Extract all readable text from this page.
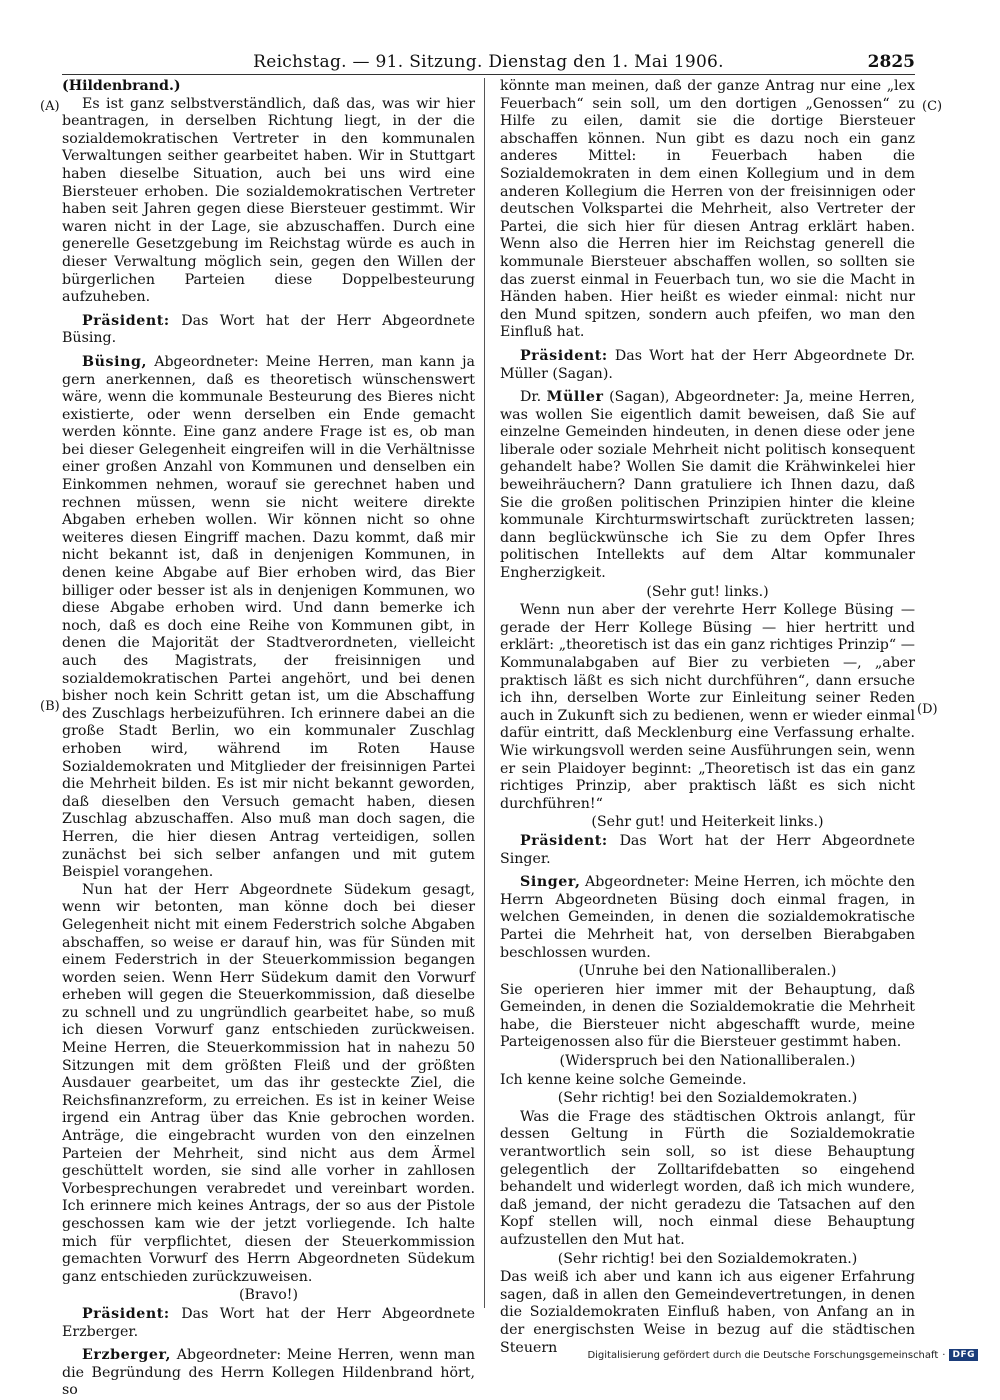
Reichstag. — 91. Sitzung. Dienstag den 1. Mai 1906.	2825
(A)
(B)
(C)
(D)

(Hildenbrand.)

Es ist ganz selbstverständlich, daß das, was wir hier beantragen, in derselben Richtung liegt, in der die sozialdemokratischen Vertreter in den kommunalen Verwaltungen seither gearbeitet haben. Wir in Stuttgart haben dieselbe Situation, auch bei uns wird eine Biersteuer erhoben. Die sozialdemokratischen Vertreter haben seit Jahren gegen diese Biersteuer gestimmt. Wir waren nicht in der Lage, sie abzuschaffen. Durch eine generelle Gesetzgebung im Reichstag würde es auch in dieser Verwaltung möglich sein, gegen den Willen der bürgerlichen Parteien diese Doppelbesteurung aufzuheben.

Präsident: Das Wort hat der Herr Abgeordnete Büsing.

Büsing, Abgeordneter: Meine Herren, man kann ja gern anerkennen, daß es theoretisch wünschenswert wäre, wenn die kommunale Besteurung des Bieres nicht existierte, oder wenn derselben ein Ende gemacht werden könnte. Eine ganz andere Frage ist es, ob man bei dieser Gelegenheit eingreifen will in die Verhältnisse einer großen Anzahl von Kommunen und denselben ein Einkommen nehmen, worauf sie gerechnet haben und rechnen müssen, wenn sie nicht weitere direkte Abgaben erheben wollen. Wir können nicht so ohne weiteres diesen Eingriff machen. Dazu kommt, daß mir nicht bekannt ist, daß in denjenigen Kommunen, in denen keine Abgabe auf Bier erhoben wird, das Bier billiger oder besser ist als in denjenigen Kommunen, wo diese Abgabe erhoben wird. Und dann bemerke ich noch, daß es doch eine Reihe von Kommunen gibt, in denen die Majorität der Stadtverordneten, vielleicht auch des Magistrats, der freisinnigen und sozialdemokratischen Partei angehört, und bei denen bisher noch kein Schritt getan ist, um die Abschaffung des Zuschlags herbeizuführen. Ich erinnere dabei an die große Stadt Berlin, wo ein kommunaler Zuschlag erhoben wird, während im Roten Hause Sozialdemokraten und Mitglieder der freisinnigen Partei die Mehrheit bilden. Es ist mir nicht bekannt geworden, daß dieselben den Versuch gemacht haben, diesen Zuschlag abzuschaffen. Also muß man doch sagen, die Herren, die hier diesen Antrag verteidigen, sollen zunächst bei sich selber anfangen und mit gutem Beispiel vorangehen.

Nun hat der Herr Abgeordnete Südekum gesagt, wenn wir betonten, man könne doch bei dieser Gelegenheit nicht mit einem Federstrich solche Abgaben abschaffen, so weise er darauf hin, was für Sünden mit einem Federstrich in der Steuerkommission begangen worden seien. Wenn Herr Südekum damit den Vorwurf erheben will gegen die Steuerkommission, daß dieselbe zu schnell und zu ungründlich gearbeitet habe, so muß ich diesen Vorwurf ganz entschieden zurückweisen. Meine Herren, die Steuerkommission hat in nahezu 50 Sitzungen mit dem größten Fleiß und der größten Ausdauer gearbeitet, um das ihr gesteckte Ziel, die Reichsfinanzreform, zu erreichen. Es ist in keiner Weise irgend ein Antrag über das Knie gebrochen worden. Anträge, die eingebracht wurden von den einzelnen Parteien der Mehrheit, sind nicht aus dem Ärmel geschüttelt worden, sie sind alle vorher in zahllosen Vorbesprechungen verabredet und vereinbart worden. Ich erinnere mich keines Antrags, der so aus der Pistole geschossen kam wie der jetzt vorliegende. Ich halte mich für verpflichtet, diesen der Steuerkommission gemachten Vorwurf des Herrn Abgeordneten Südekum ganz entschieden zurückzuweisen.

(Bravo!)

Präsident: Das Wort hat der Herr Abgeordnete Erzberger.

Erzberger, Abgeordneter: Meine Herren, wenn man die Begründung des Herrn Kollegen Hildenbrand hört, so

könnte man meinen, daß der ganze Antrag nur eine „lex Feuerbach“ sein soll, um den dortigen „Genossen“ zu Hilfe zu eilen, damit sie die dortige Biersteuer abschaffen können. Nun gibt es dazu noch ein ganz anderes Mittel: in Feuerbach haben die Sozialdemokraten in dem einen Kollegium und in dem anderen Kollegium die Herren von der freisinnigen oder deutschen Volkspartei die Mehrheit, also Vertreter der Partei, die sich hier für diesen Antrag erklärt haben. Wenn also die Herren hier im Reichstag generell die kommunale Biersteuer abschaffen wollen, so sollten sie das zuerst einmal in Feuerbach tun, wo sie die Macht in Händen haben. Hier heißt es wieder einmal: nicht nur den Mund spitzen, sondern auch pfeifen, wo man den Einfluß hat.

Präsident: Das Wort hat der Herr Abgeordnete Dr. Müller (Sagan).

Dr. Müller (Sagan), Abgeordneter: Ja, meine Herren, was wollen Sie eigentlich damit beweisen, daß Sie auf einzelne Gemeinden hindeuten, in denen diese oder jene liberale oder soziale Mehrheit nicht politisch konsequent gehandelt habe? Wollen Sie damit die Krähwinkelei hier beweihräuchern? Dann gratuliere ich Ihnen dazu, daß Sie die großen politischen Prinzipien hinter die kleine kommunale Kirchturmswirtschaft zurücktreten lassen; dann beglückwünsche ich Sie zu dem Opfer Ihres politischen Intellekts auf dem Altar kommunaler Engherzigkeit.

(Sehr gut! links.)

Wenn nun aber der verehrte Herr Kollege Büsing — gerade der Herr Kollege Büsing — hier hertritt und erklärt: „theoretisch ist das ein ganz richtiges Prinzip“ — Kommunalabgaben auf Bier zu verbieten —, „aber praktisch läßt es sich nicht durchführen“, dann ersuche ich ihn, derselben Worte zur Einleitung seiner Reden auch in Zukunft sich zu bedienen, wenn er wieder einmal dafür eintritt, daß Mecklenburg eine Verfassung erhalte. Wie wirkungsvoll werden seine Ausführungen sein, wenn er sein Plaidoyer beginnt: „Theoretisch ist das ein ganz richtiges Prinzip, aber praktisch läßt es sich nicht durchführen!“

(Sehr gut! und Heiterkeit links.)

Präsident: Das Wort hat der Herr Abgeordnete Singer.

Singer, Abgeordneter: Meine Herren, ich möchte den Herrn Abgeordneten Büsing doch einmal fragen, in welchen Gemeinden, in denen die sozialdemokratische Partei die Mehrheit hat, von derselben Bierabgaben beschlossen wurden.

(Unruhe bei den Nationalliberalen.)

Sie operieren hier immer mit der Behauptung, daß Gemeinden, in denen die Sozialdemokratie die Mehrheit habe, die Biersteuer nicht abgeschafft wurde, meine Parteigenossen also für die Biersteuer gestimmt haben.

(Widerspruch bei den Nationalliberalen.)

Ich kenne keine solche Gemeinde.

(Sehr richtig! bei den Sozialdemokraten.)

Was die Frage des städtischen Oktrois anlangt, für dessen Geltung in Fürth die Sozialdemokratie verantwortlich sein soll, so ist diese Behauptung gelegentlich der Zolltarifdebatten so eingehend behandelt und widerlegt worden, daß ich mich wundere, daß jemand, der nicht geradezu die Tatsachen auf den Kopf stellen will, noch einmal diese Behauptung aufzustellen den Mut hat.

(Sehr richtig! bei den Sozialdemokraten.)

Das weiß ich aber und kann ich aus eigener Erfahrung sagen, daß in allen den Gemeindevertretungen, in denen die Sozialdemokraten Einfluß haben, von Anfang an in der energischsten Weise in bezug auf die städtischen Steuern	Digitalisierung gefördert durch die Deutsche Forschungsgemeinschaft · DFG
